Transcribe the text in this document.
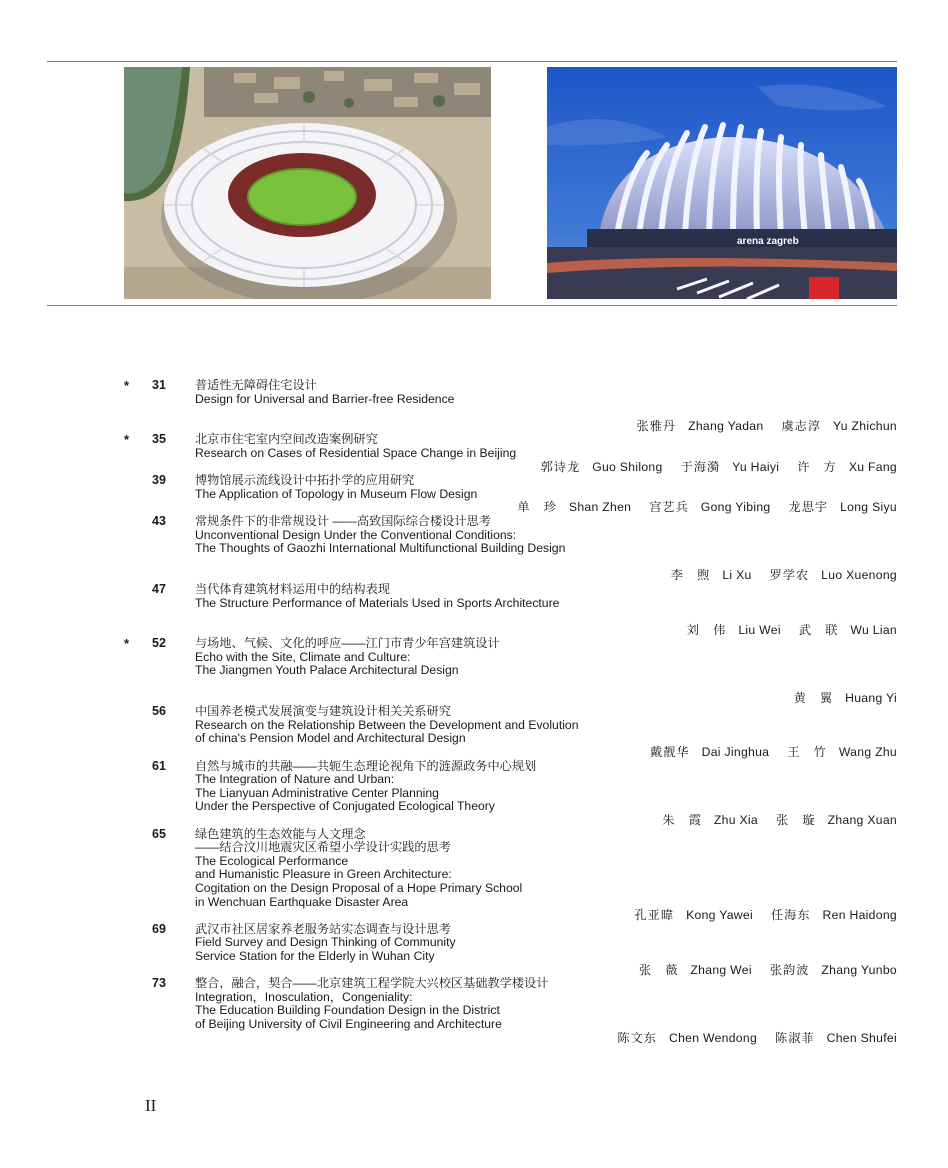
arena zagreb
* 31 普适性无障碍住宅设计
Design for Universal and Barrier-free Residence
张雅丹 Zhang Yadan 虞志淳 Yu Zhichun
* 35 北京市住宅室内空间改造案例研究
Research on Cases of Residential Space Change in Beijing
郭诗龙 Guo Shilong 于海漪 Yu Haiyi 许　方 Xu Fang
39 博物馆展示流线设计中拓扑学的应用研究
The Application of Topology in Museum Flow Design
单　珍 Shan Zhen 宫艺兵 Gong Yibing 龙思宇 Long Siyu
43 常规条件下的非常规设计 ——高致国际综合楼设计思考
Unconventional Design Under the Conventional Conditions:
The Thoughts of Gaozhi International Multifunctional Building Design
李　煦 Li Xu 罗学农 Luo Xuenong
47 当代体育建筑材料运用中的结构表现
The Structure Performance of Materials Used in Sports Architecture
刘　伟 Liu Wei 武　联 Wu Lian
* 52 与场地、气候、文化的呼应——江门市青少年宫建筑设计
Echo with the Site, Climate and Culture:
The Jiangmen Youth Palace Architectural Design
黄　翼 Huang Yi
56 中国养老模式发展演变与建筑设计相关关系研究
Research on the Relationship Between the Development and Evolution
of china's Pension Model and Architectural Design
戴靓华 Dai Jinghua 王　竹 Wang Zhu
61 自然与城市的共融——共轭生态理论视角下的涟源政务中心规划
The Integration of Nature and Urban:
The Lianyuan Administrative Center Planning
Under the Perspective of Conjugated Ecological Theory
朱　霞 Zhu Xia 张　璇 Zhang Xuan
65 绿色建筑的生态效能与人文理念
——结合汶川地震灾区希望小学设计实践的思考
The Ecological Performance
and Humanistic Pleasure in Green Architecture:
Cogitation on the Design Proposal of a Hope Primary School
in Wenchuan Earthquake Disaster Area
孔亚暐 Kong Yawei 任海东 Ren Haidong
69 武汉市社区居家养老服务站实态调查与设计思考
Field Survey and Design Thinking of Community
Service Station for the Elderly in Wuhan City
张　薇 Zhang Wei 张韵波 Zhang Yunbo
73 整合，融合，契合——北京建筑工程学院大兴校区基础教学楼设计
Integration，Inosculation，Congeniality:
The Education Building Foundation Design in the District
of Beijing University of Civil Engineering and Architecture
陈文东 Chen Wendong 陈淑菲 Chen Shufei
II
